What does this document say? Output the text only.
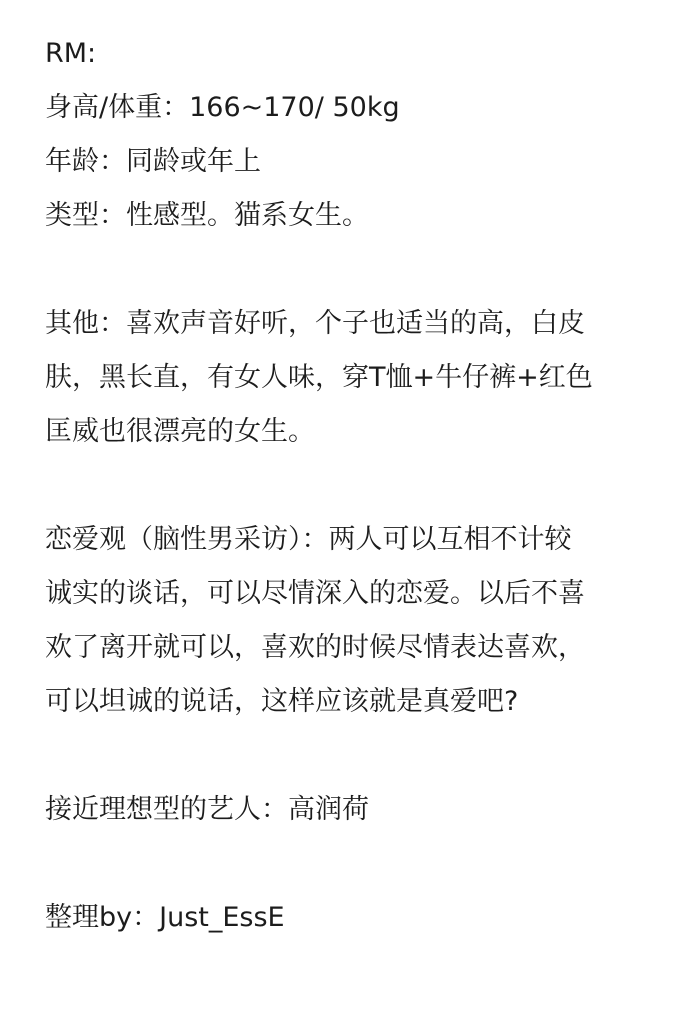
RM:
身高/体重：166~170/ 50kg
年龄：同龄或年上
类型：性感型。猫系女生。
其他：喜欢声音好听，个子也适当的高，白皮
肤，黑长直，有女人味，穿T恤+牛仔裤+红色
匡威也很漂亮的女生。
恋爱观（脑性男采访）：两人可以互相不计较
诚实的谈话，可以尽情深入的恋爱。以后不喜
欢了离开就可以，喜欢的时候尽情表达喜欢，
可以坦诚的说话，这样应该就是真爱吧?
接近理想型的艺人：高润荷
整理by：Just_EssE
